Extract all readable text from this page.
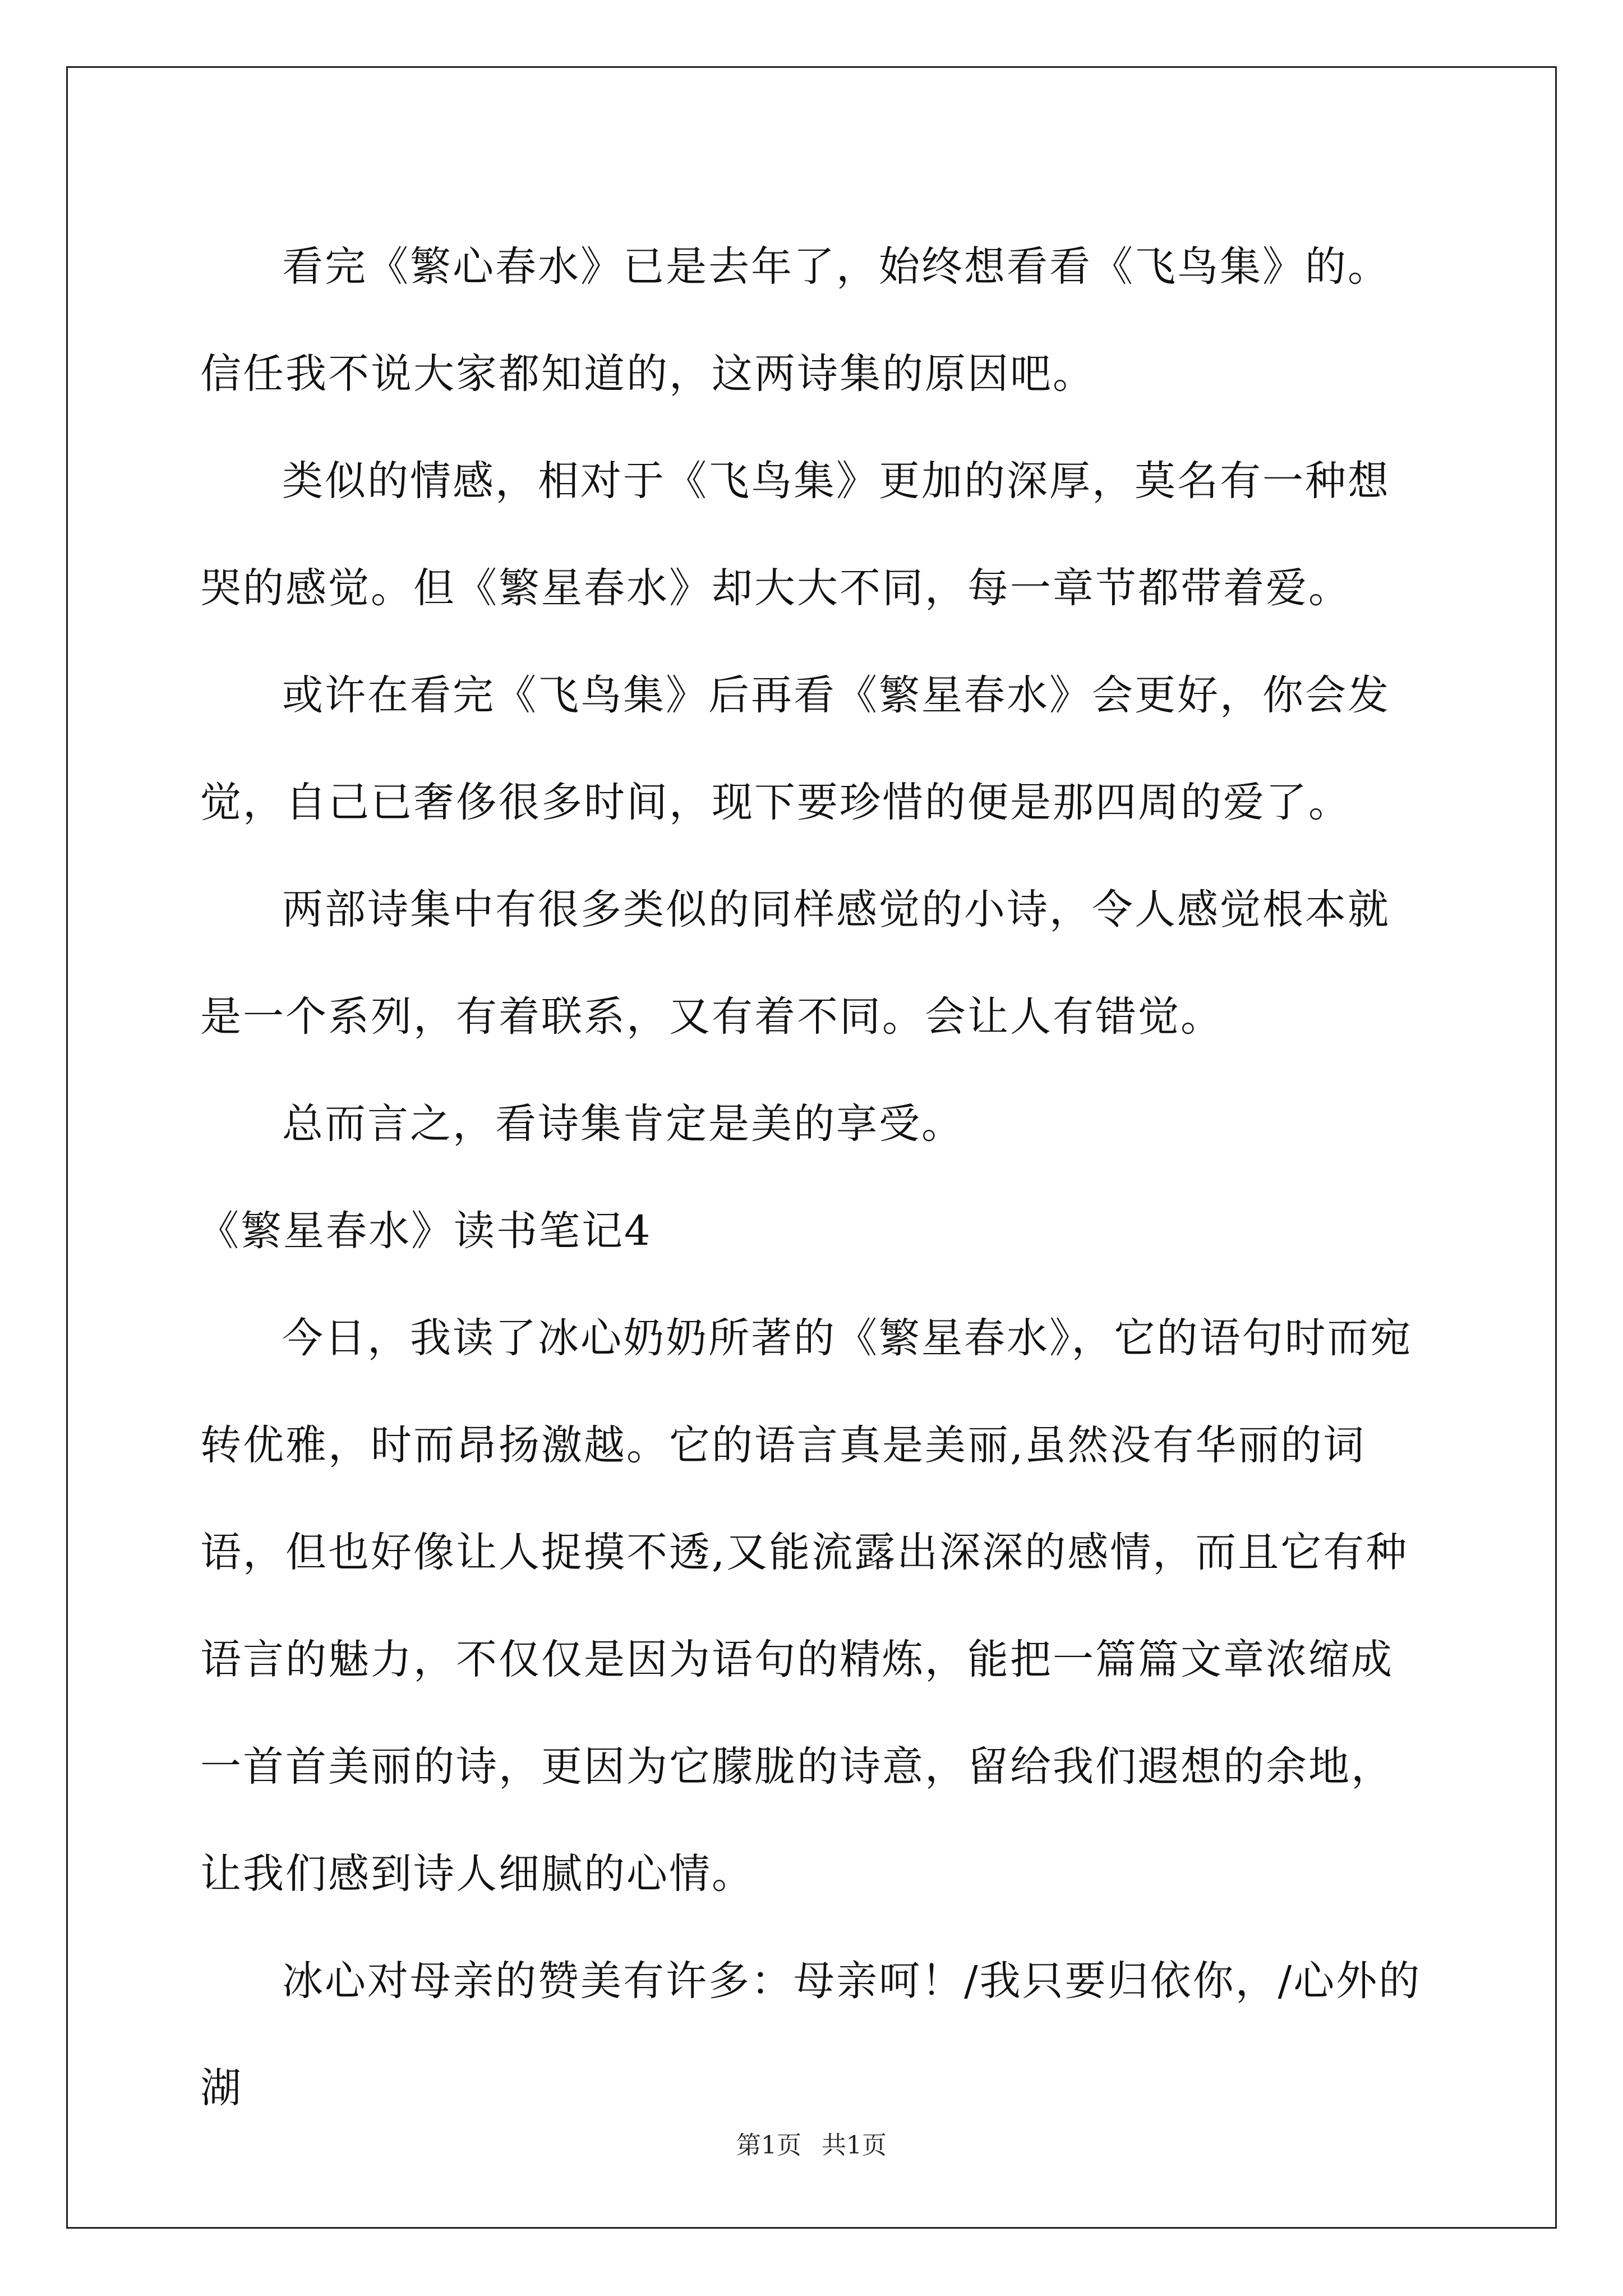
看完《繁心春水》已是去年了，始终想看看《飞鸟集》的。信任我不说大家都知道的，这两诗集的原因吧。

类似的情感，相对于《飞鸟集》更加的深厚，莫名有一种想哭的感觉。但《繁星春水》却大大不同，每一章节都带着爱。

或许在看完《飞鸟集》后再看《繁星春水》会更好，你会发觉，自己已奢侈很多时间，现下要珍惜的便是那四周的爱了。

两部诗集中有很多类似的同样感觉的小诗，令人感觉根本就是一个系列，有着联系，又有着不同。会让人有错觉。

总而言之，看诗集肯定是美的享受。

《繁星春水》读书笔记4

今日，我读了冰心奶奶所著的《繁星春水》，它的语句时而宛转优雅，时而昂扬激越。它的语言真是美丽,虽然没有华丽的词语，但也好像让人捉摸不透,又能流露出深深的感情，而且它有种语言的魅力，不仅仅是因为语句的精炼，能把一篇篇文章浓缩成一首首美丽的诗，更因为它朦胧的诗意，留给我们遐想的余地，让我们感到诗人细腻的心情。

冰心对母亲的赞美有许多：母亲呵！/我只要归依你，/心外的湖

第1页 共1页
